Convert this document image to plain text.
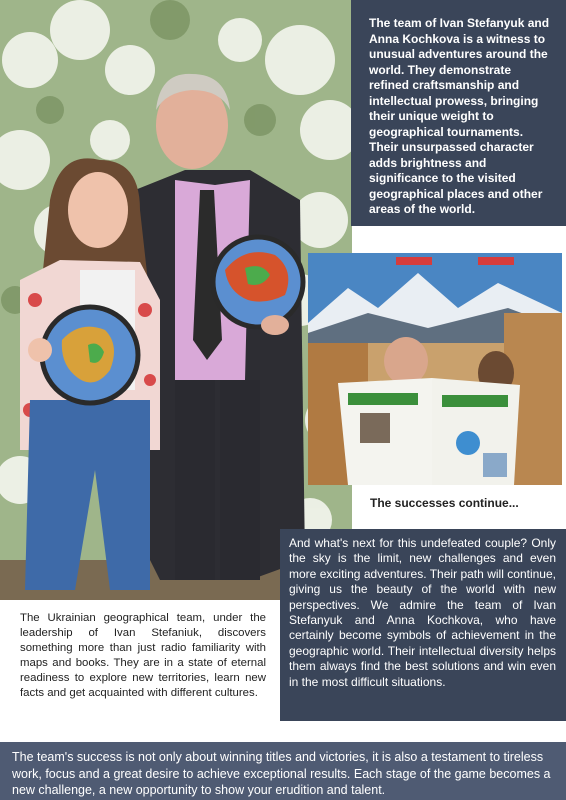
The team of Ivan Stefanyuk and Anna Kochkova is a witness to unusual adventures around the world. They demonstrate refined craftsmanship and intellectual prowess, bringing their unique weight to geographical tournaments. Their unsurpassed character adds brightness and significance to the visited geographical places and other areas of the world.

The successes continue...

And what's next for this undefeated couple? Only the sky is the limit, new challenges and even more exciting adventures. Their path will continue, giving us the beauty of the world with new perspectives. We admire the team of Ivan Stefanyuk and Anna Kochkova, who have certainly become symbols of achievement in the geographic world. Their intellectual diversity helps them always find the best solutions and win even in the most difficult situations.

The Ukrainian geographical team, under the leadership of Ivan Stefaniuk, discovers something more than just radio familiarity with maps and books. They are in a state of eternal readiness to explore new territories, learn new facts and get acquainted with different cultures.

The team's success is not only about winning titles and victories, it is also a testament to tireless work, focus and a great desire to achieve exceptional results. Each stage of the game becomes a new challenge, a new opportunity to show your erudition and talent.
